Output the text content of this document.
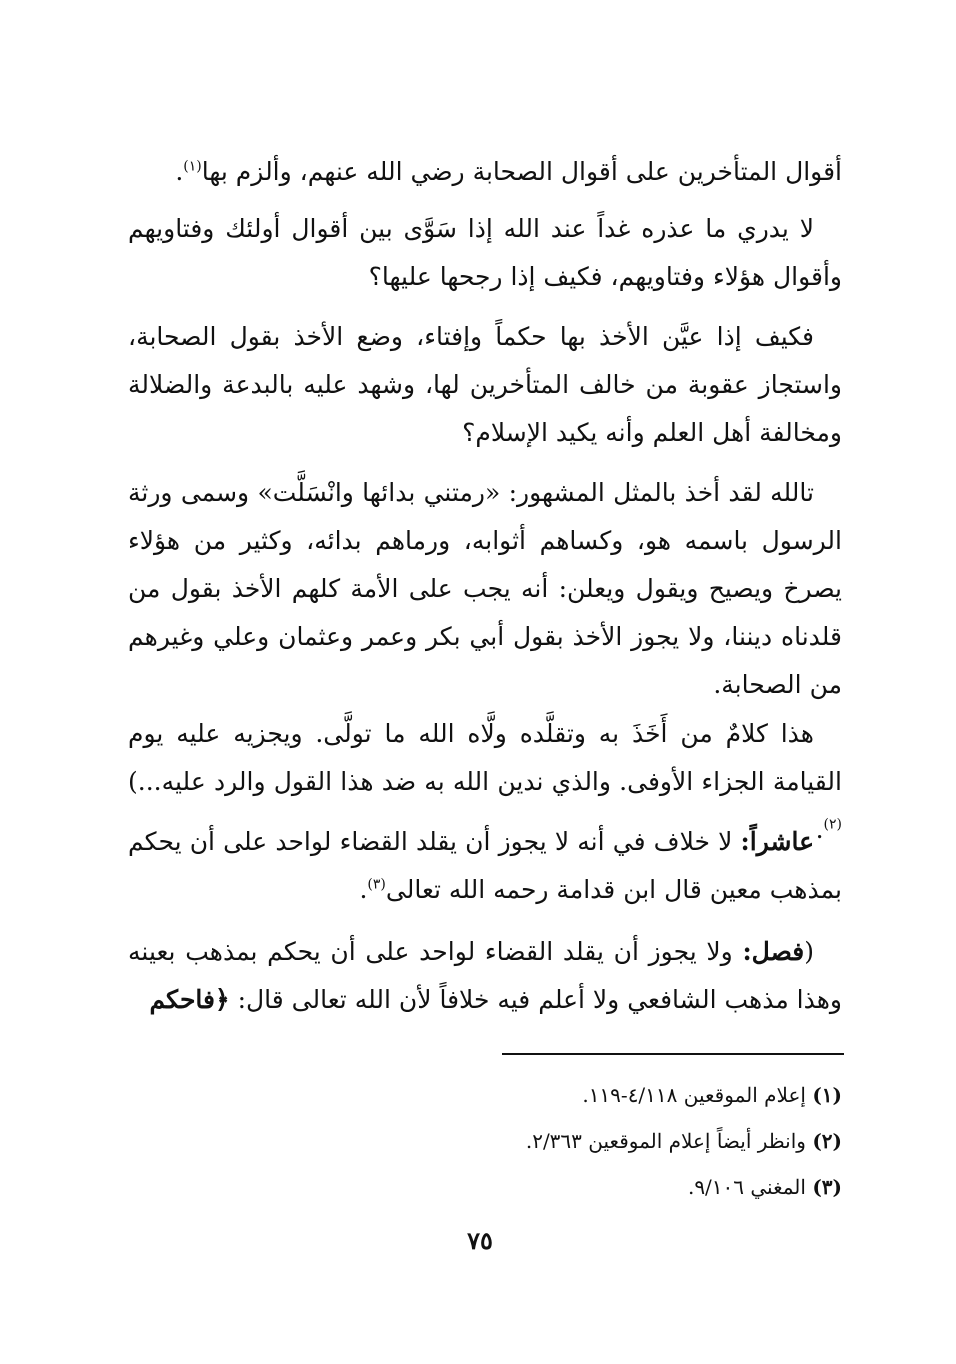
أقوال المتأخرين على أقوال الصحابة رضي الله عنهم، وألزم بها$^{(١)}$.

لا يدري ما عذره غداً عند الله إذا سَوَّى بين أقوال أولئك وفتاويهم وأقوال هؤلاء وفتاويهم، فكيف إذا رجحها عليها؟

فكيف إذا عيَّن الأخذ بها حكماً وإفتاء، وضع الأخذ بقول الصحابة، واستجاز عقوبة من خالف المتأخرين لها، وشهد عليه بالبدعة والضلالة ومخالفة أهل العلم وأنه يكيد الإسلام؟

تالله لقد أخذ بالمثل المشهور: «رمتني بدائها وانْسَلَّت» وسمى ورثة الرسول باسمه هو، وكساهم أثوابه، ورماهم بدائه، وكثير من هؤلاء يصرخ ويصيح ويقول ويعلن: أنه يجب على الأمة كلهم الأخذ بقول من قلدناه ديننا، ولا يجوز الأخذ بقول أبي بكر وعمر وعثمان وعلي وغيرهم من الصحابة.

هذا كلامٌ من أَخَذَ به وتقلَّده ولَّاه الله ما تولَّى. ويجزيه عليه يوم القيامة الجزاء الأوفى. والذي ندين الله به ضد هذا القول والرد عليه...)$^{(٢)}$.

عاشراً: لا خلاف في أنه لا يجوز أن يقلد القضاء لواحد على أن يحكم بمذهب معين قال ابن قدامة رحمه الله تعالى$^{(٣)}$.

(فصل: ولا يجوز أن يقلد القضاء لواحد على أن يحكم بمذهب بعينه وهذا مذهب الشافعي ولا أعلم فيه خلافاً لأن الله تعالى قال: ﴿فاحكم

(١) إعلام الموقعين ٤/١١٨-١١٩.

(٢) وانظر أيضاً إعلام الموقعين ٢/٣٦٣.

(٣) المغني ٩/١٠٦.

٧٥
